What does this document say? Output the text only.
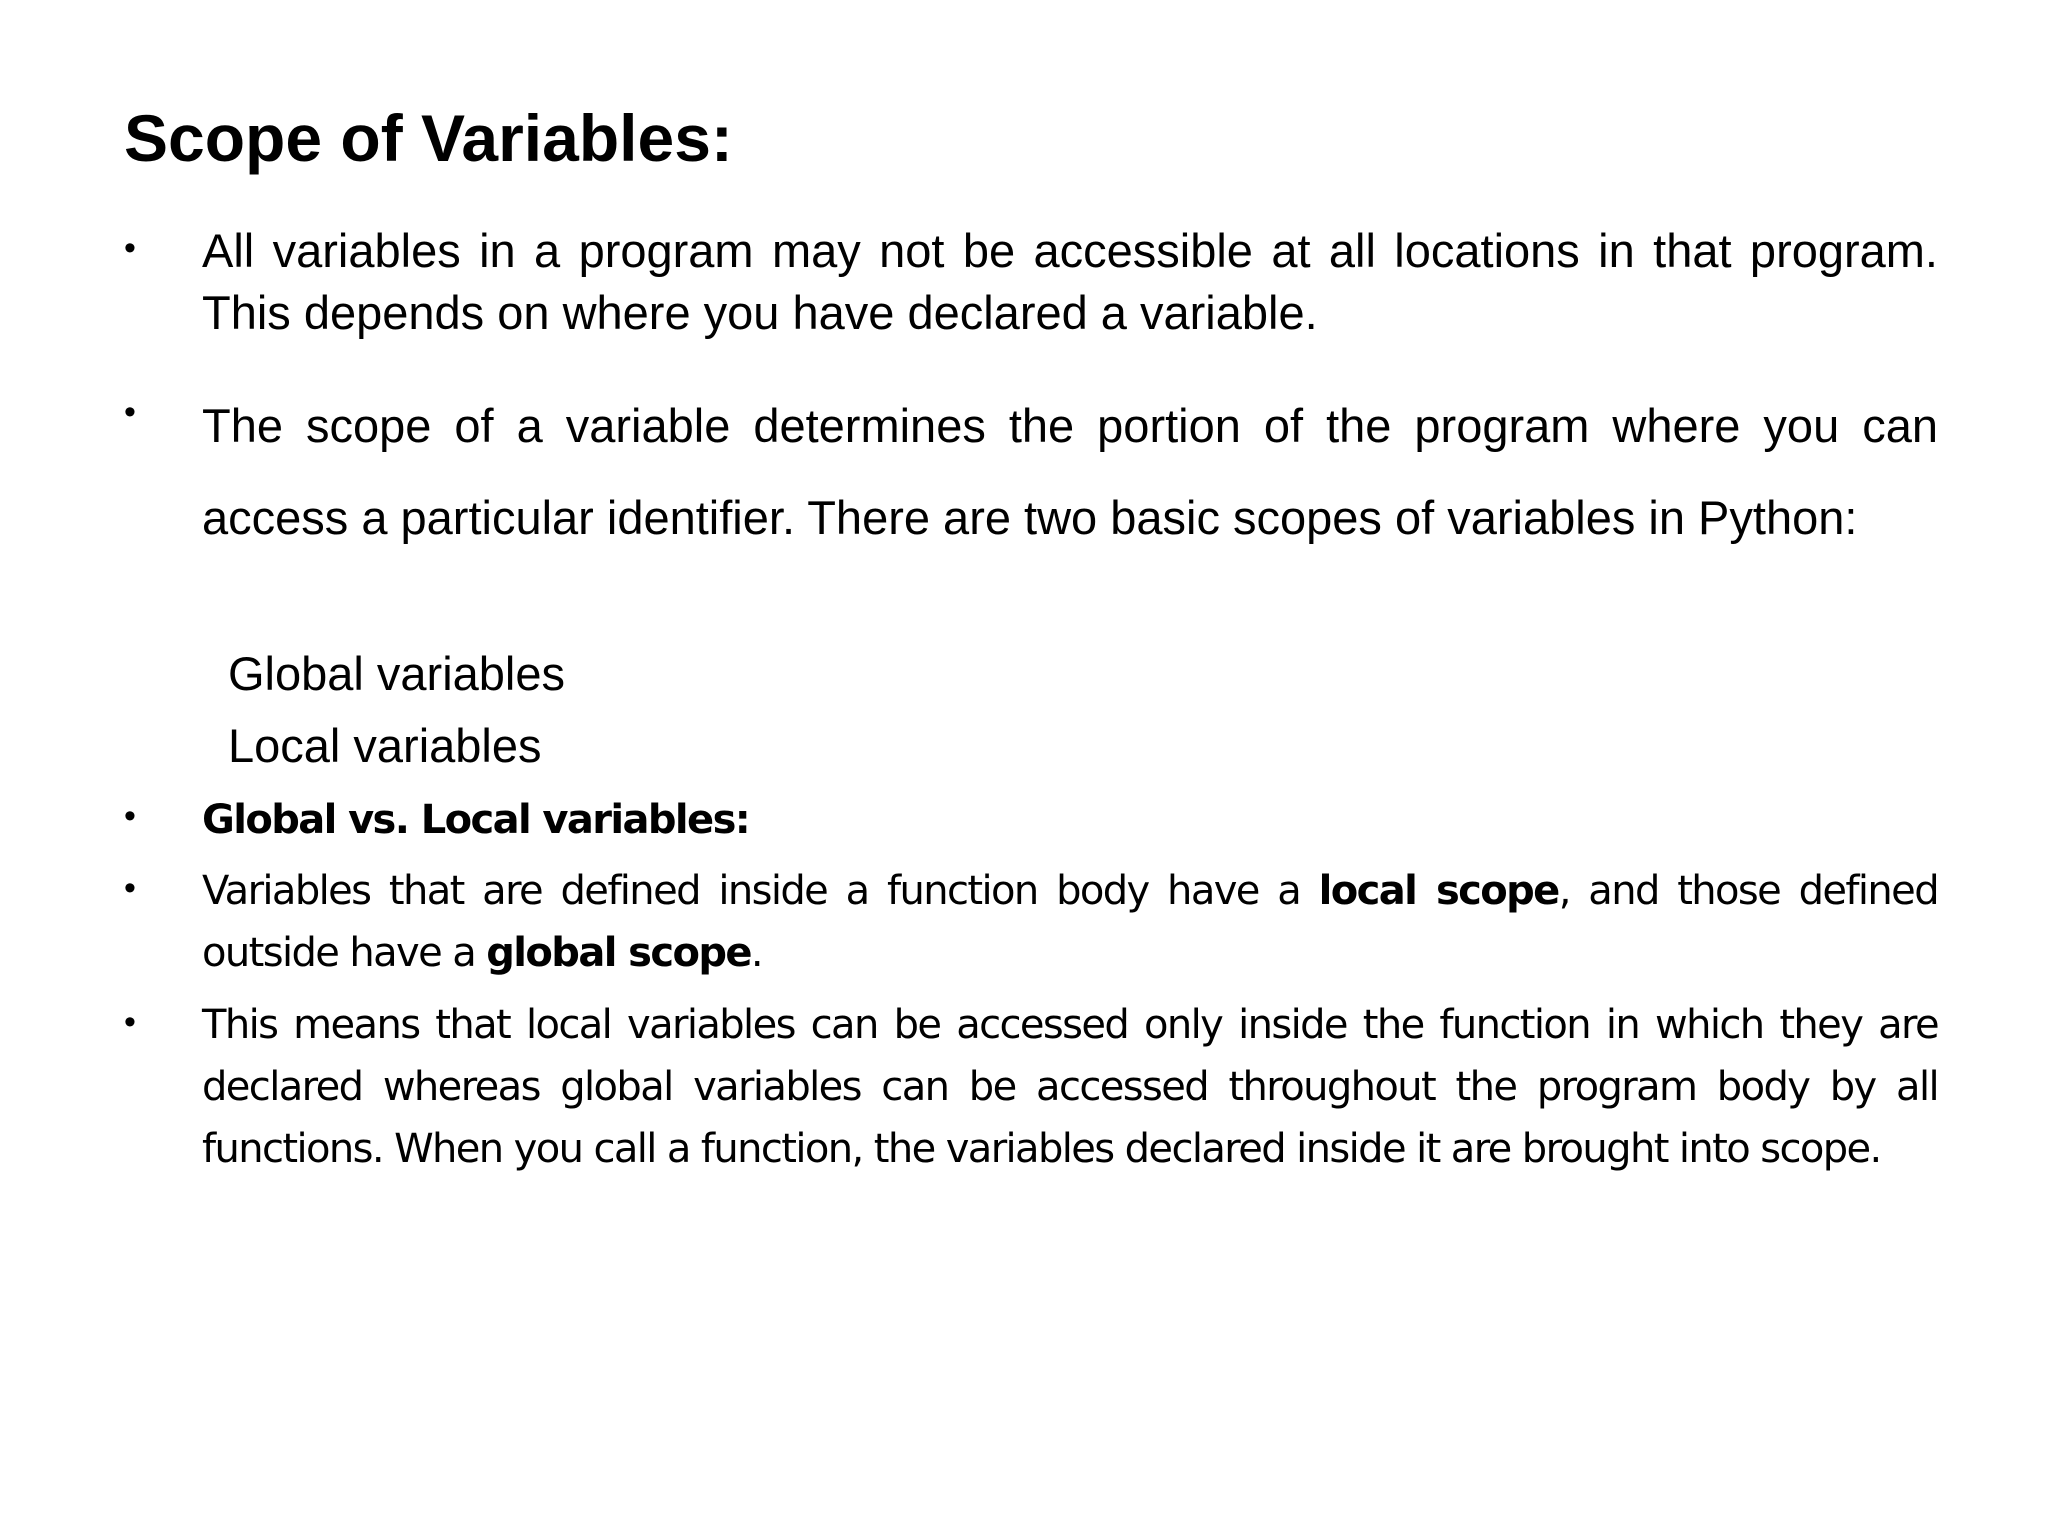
Scope of Variables:
• All variables in a program may not be accessible at all locations in that program. This depends on where you have declared a variable.

• The scope of a variable determines the portion of the program where you can access a particular identifier. There are two basic scopes of variables in Python:

Global variables
Local variables
• Global vs. Local variables:

• Variables that are defined inside a function body have a local scope, and those defined outside have a global scope.

• This means that local variables can be accessed only inside the function in which they are declared whereas global variables can be accessed throughout the program body by all functions. When you call a function, the variables declared inside it are brought into scope.
